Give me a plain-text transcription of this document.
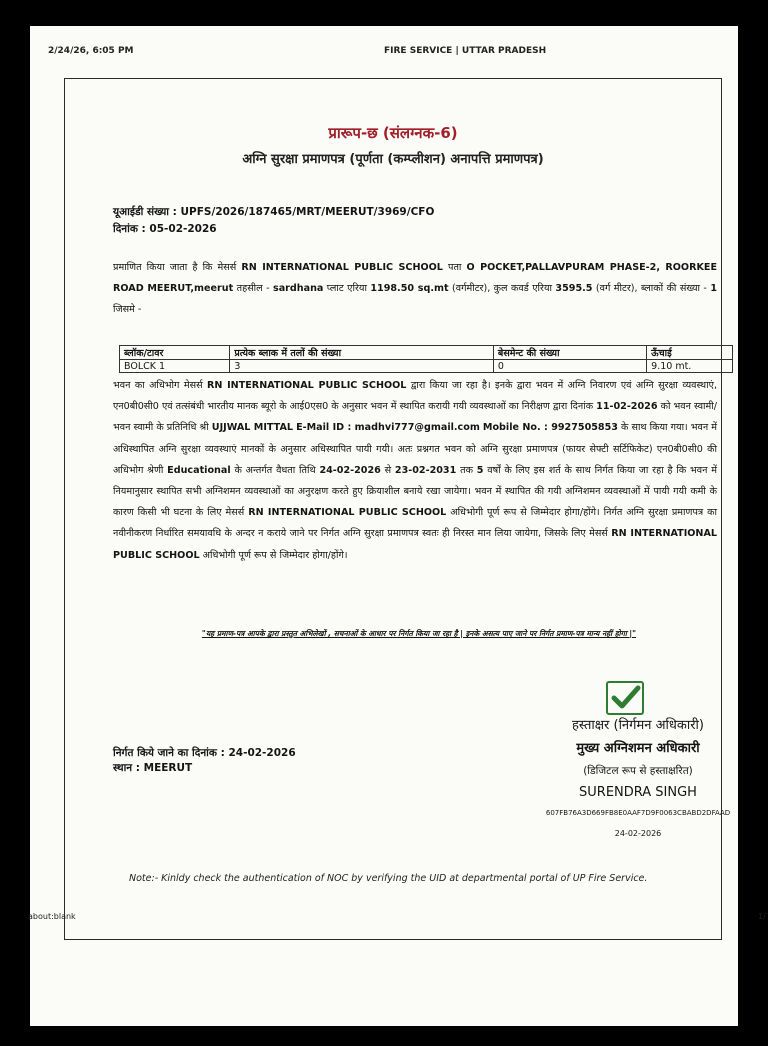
2/24/26, 6:05 PM	FIRE SERVICE | UTTAR PRADESH
प्रारूप-छ (संलग्नक-6)
अग्नि सुरक्षा प्रमाणपत्र (पूर्णता (कम्प्लीशन) अनापत्ति प्रमाणपत्र)
यूआईडी संख्या : UPFS/2026/187465/MRT/MEERUT/3969/CFO
दिनांक : 05-02-2026
प्रमाणित किया जाता है कि मेसर्स RN INTERNATIONAL PUBLIC SCHOOL पता O POCKET,PALLAVPURAM PHASE-2, ROORKEE ROAD MEERUT,meerut तहसील - sardhana प्लाट एरिया 1198.50 sq.mt (वर्गमीटर), कुल कवर्ड एरिया 3595.5 (वर्ग मीटर), ब्लाकों की संख्या - 1 जिसमे -
ब्लॉक/टावर	प्रत्येक ब्लाक में तलों की संख्या	बेसमेन्ट की संख्या	ऊँचाई
BOLCK 1	3	0	9.10 mt.
भवन का अधिभोग मेसर्स RN INTERNATIONAL PUBLIC SCHOOL द्वारा किया जा रहा है। इनके द्वारा भवन में अग्नि निवारण एवं अग्नि सुरक्षा व्यवस्थाएं, एन0बी0सी0 एवं तत्संबंधी भारतीय मानक ब्यूरो के आई0एस0 के अनुसार भवन में स्थापित करायी गयी व्यवस्थाओं का निरीक्षण द्वारा दिनांक 11-02-2026 को भवन स्वामी/भवन स्वामी के प्रतिनिधि श्री UJJWAL MITTAL E-Mail ID : madhvi777@gmail.com Mobile No. : 9927505853 के साथ किया गया। भवन में अधिस्थापित अग्नि सुरक्षा व्यवस्थाएं मानकों के अनुसार अधिस्थापित पायी गयी। अतः प्रश्नगत भवन को अग्नि सुरक्षा प्रमाणपत्र (फायर सेफ्टी सर्टिफिकेट) एन0बी0सी0 की अधिभोग श्रेणी Educational के अन्तर्गत वैधता तिथि 24-02-2026 से 23-02-2031 तक 5 वर्षों के लिए इस शर्त के साथ निर्गत किया जा रहा है कि भवन में नियमानुसार स्थापित सभी अग्निशमन व्यवस्थाओं का अनुरक्षण करते हुए क्रियाशील बनाये रखा जायेगा। भवन में स्थापित की गयी अग्निशमन व्यवस्थाओं में पायी गयी कमी के कारण किसी भी घटना के लिए मेसर्स RN INTERNATIONAL PUBLIC SCHOOL अधिभोगी पूर्ण रूप से जिम्मेदार होगा/होंगे। निर्गत अग्नि सुरक्षा प्रमाणपत्र का नवीनीकरण निर्धारित समयावधि के अन्दर न कराये जाने पर निर्गत अग्नि सुरक्षा प्रमाणपत्र स्वतः ही निरस्त मान लिया जायेगा, जिसके लिए मेसर्स RN INTERNATIONAL PUBLIC SCHOOL अधिभोगी पूर्ण रूप से जिम्मेदार होगा/होंगे।
"यह प्रमाण-पत्र आपके द्वारा प्रस्तुत अभिलेखों , सचनाओं के आधार पर निर्गत किया जा रहा है | इनके असत्य पाए जाने पर निर्गत प्रमाण-पत्र मान्य नहीं होगा |"
निर्गत किये जाने का दिनांक : 24-02-2026
स्थान : MEERUT
हस्ताक्षर (निर्गमन अधिकारी)
मुख्य अग्निशमन अधिकारी
(डिजिटल रूप से हस्ताक्षरित)
SURENDRA SINGH
607FB76A3D669FB8E0AAF7D9F0063CBABD2DFAAD
24-02-2026
Note:- Kinldy check the authentication of NOC by verifying the UID at departmental portal of UP Fire Service.
about:blank	1/
